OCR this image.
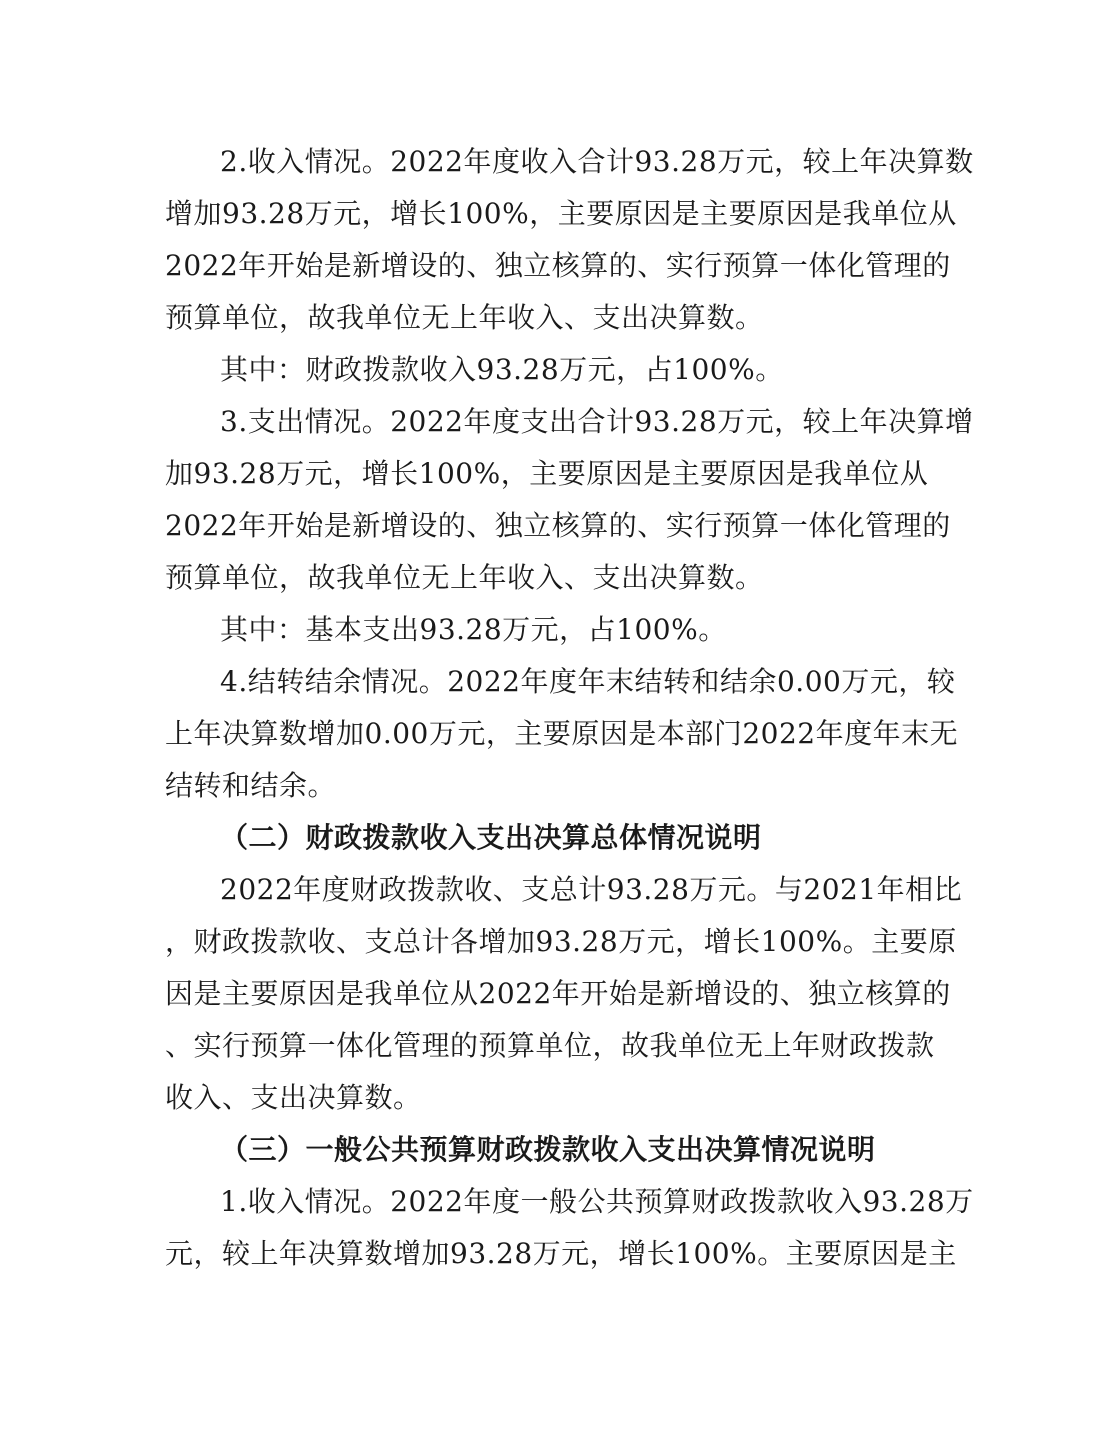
2.收入情况。2022年度收入合计93.28万元，较上年决算数
增加93.28万元，增长100%，主要原因是主要原因是我单位从
2022年开始是新增设的、独立核算的、实行预算一体化管理的
预算单位，故我单位无上年收入、支出决算数。
其中：财政拨款收入93.28万元，占100%。
3.支出情况。2022年度支出合计93.28万元，较上年决算增
加93.28万元，增长100%，主要原因是主要原因是我单位从
2022年开始是新增设的、独立核算的、实行预算一体化管理的
预算单位，故我单位无上年收入、支出决算数。
其中：基本支出93.28万元，占100%。
4.结转结余情况。2022年度年末结转和结余0.00万元，较
上年决算数增加0.00万元，主要原因是本部门2022年度年末无
结转和结余。
（二）财政拨款收入支出决算总体情况说明
2022年度财政拨款收、支总计93.28万元。与2021年相比
，财政拨款收、支总计各增加93.28万元，增长100%。主要原
因是主要原因是我单位从2022年开始是新增设的、独立核算的
、实行预算一体化管理的预算单位，故我单位无上年财政拨款
收入、支出决算数。
（三）一般公共预算财政拨款收入支出决算情况说明
1.收入情况。2022年度一般公共预算财政拨款收入93.28万
元，较上年决算数增加93.28万元，增长100%。主要原因是主
